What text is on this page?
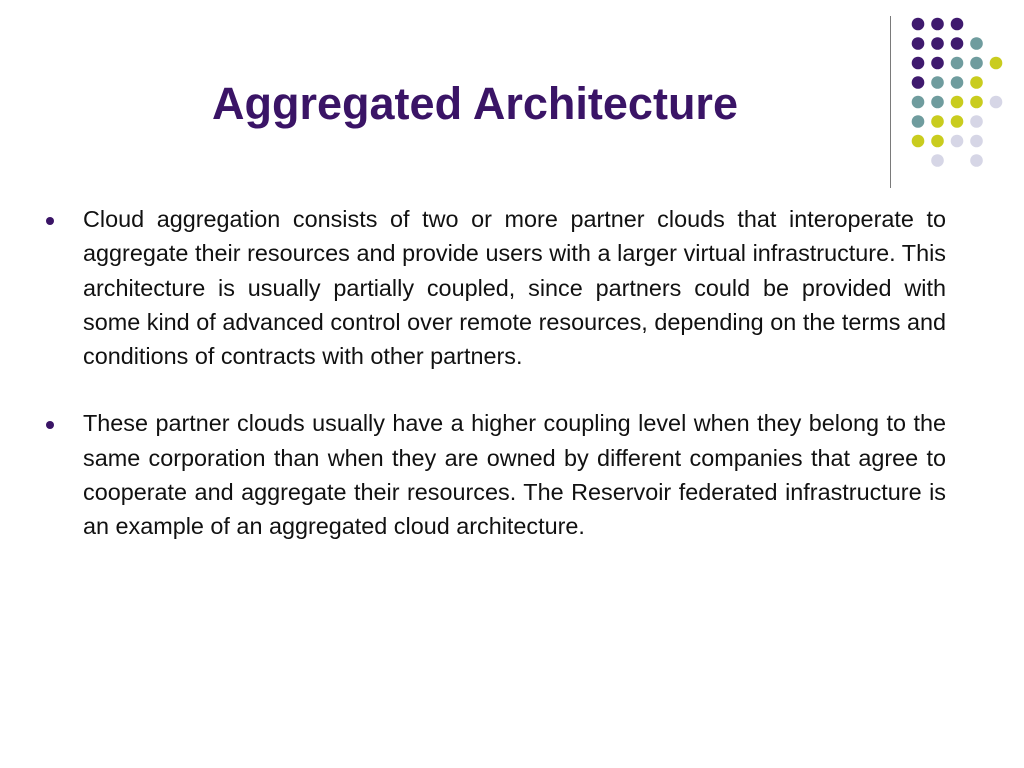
Aggregated Architecture
Cloud aggregation consists of two or more partner clouds that interoperate to aggregate their resources and provide users with a larger virtual infrastructure. This architecture is usually partially coupled, since partners could be provided with some kind of advanced control over remote resources, depending on the terms and conditions of contracts with other partners.
These partner clouds usually have a higher coupling level when they belong to the same corporation than when they are owned by different companies that agree to cooperate and aggregate their resources. The Reservoir federated infrastructure is an example of an aggregated cloud architecture.
